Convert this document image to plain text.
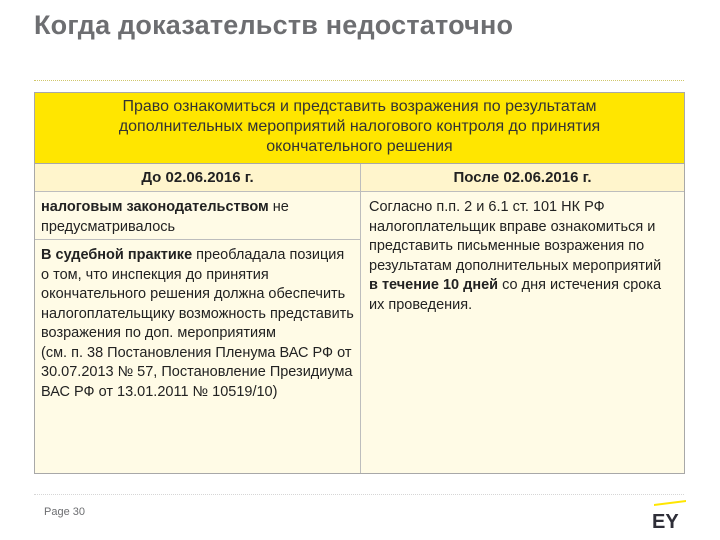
Когда доказательств недостаточно
Право ознакомиться и представить возражения по результатам
дополнительных мероприятий налогового контроля до принятия
окончательного решения
До 02.06.2016 г.	После 02.06.2016 г.
налоговым законодательством не предусматривалось
В судебной практике преобладала позиция о том, что инспекция до принятия окончательного решения должна обеспечить налогоплательщику возможность представить возражения по доп. мероприятиям
(см. п. 38 Постановления Пленума ВАС РФ от 30.07.2013 № 57, Постановление Президиума ВАС РФ от 13.01.2011 № 10519/10)
Согласно п.п. 2 и 6.1 ст. 101 НК РФ налогоплательщик вправе ознакомиться и представить письменные возражения по результатам дополнительных мероприятий в течение 10 дней со дня истечения срока их проведения.
Page 30	EY
